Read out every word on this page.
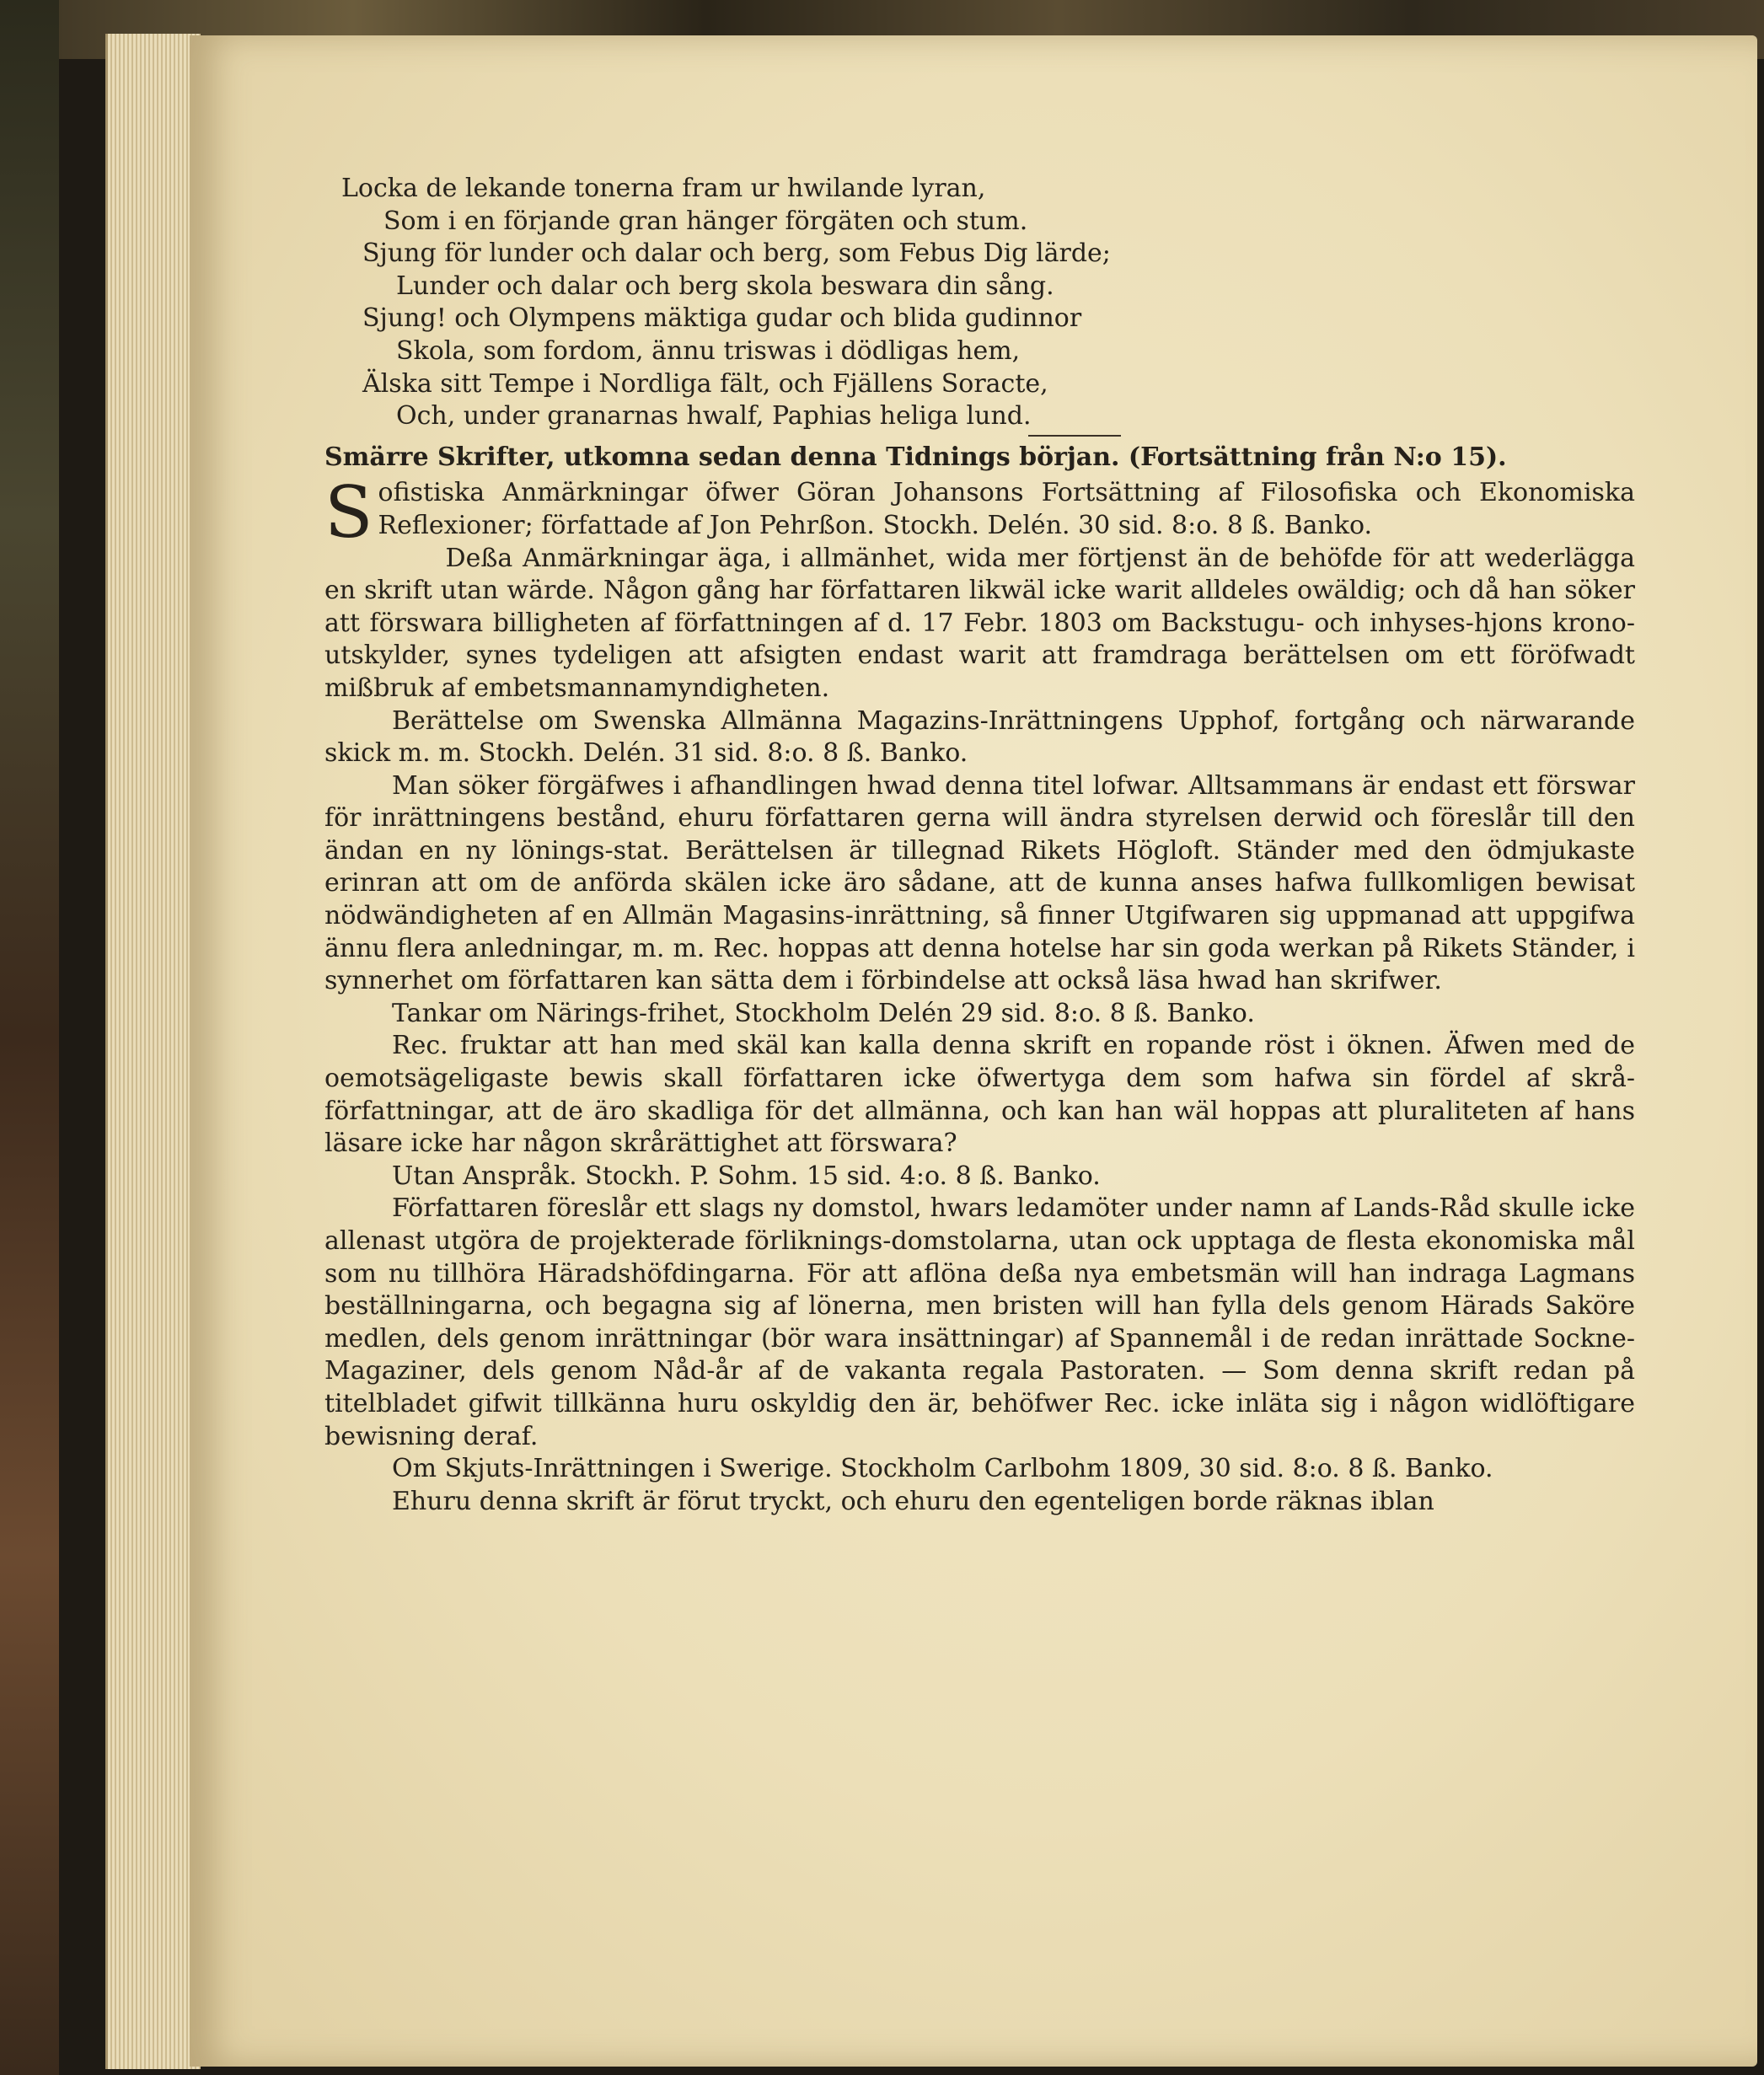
Locka de lekande tonerna fram ur hwilande lyran,
Som i en förjande gran hänger förgäten och stum.
Sjung för lunder och dalar och berg, som Febus Dig lärde;
Lunder och dalar och berg skola beswara din sång.
Sjung! och Olympens mäktiga gudar och blida gudinnor
Skola, som fordom, ännu triswas i dödligas hem,
Älska sitt Tempe i Nordliga fält, och Fjällens Soracte,
Och, under granarnas hwalf, Paphias heliga lund.
Smärre Skrifter, utkomna sedan denna Tidnings början. (Fortsättning från N:o 15).

Sofistiska Anmärkningar öfwer Göran Johansons Fortsättning af Filosofiska och Ekonomiska Reflexioner; författade af Jon Pehrßon. Stockh. Delén. 30 sid. 8:o. 8 ß. Banko.

Deßa Anmärkningar äga, i allmänhet, wida mer förtjenst än de behöfde för att wederlägga en skrift utan wärde. Någon gång har författaren likwäl icke warit alldeles owäldig; och då han söker att förswara billigheten af författningen af d. 17 Febr. 1803 om Backstugu- och inhyses-hjons krono-utskylder, synes tydeligen att afsigten endast warit att framdraga berättelsen om ett föröfwadt mißbruk af embetsmannamyndigheten.

Berättelse om Swenska Allmänna Magazins-Inrättningens Upphof, fortgång och närwarande skick m. m. Stockh. Delén. 31 sid. 8:o. 8 ß. Banko.

Man söker förgäfwes i afhandlingen hwad denna titel lofwar. Alltsammans är endast ett förswar för inrättningens bestånd, ehuru författaren gerna will ändra styrelsen derwid och föreslår till den ändan en ny lönings-stat. Berättelsen är tillegnad Rikets Högloft. Ständer med den ödmjukaste erinran att om de anförda skälen icke äro sådane, att de kunna anses hafwa fullkomligen bewisat nödwändigheten af en Allmän Magasins-inrättning, så finner Utgifwaren sig uppmanad att uppgifwa ännu flera anledningar, m. m. Rec. hoppas att denna hotelse har sin goda werkan på Rikets Ständer, i synnerhet om författaren kan sätta dem i förbindelse att också läsa hwad han skrifwer.

Tankar om Närings-frihet, Stockholm Delén 29 sid. 8:o. 8 ß. Banko.

Rec. fruktar att han med skäl kan kalla denna skrift en ropande röst i öknen. Äfwen med de oemotsägeligaste bewis skall författaren icke öfwertyga dem som hafwa sin fördel af skrå-författningar, att de äro skadliga för det allmänna, och kan han wäl hoppas att pluraliteten af hans läsare icke har någon skrårättighet att förswara?

Utan Anspråk. Stockh. P. Sohm. 15 sid. 4:o. 8 ß. Banko.

Författaren föreslår ett slags ny domstol, hwars ledamöter under namn af Lands-Råd skulle icke allenast utgöra de projekterade förliknings-domstolarna, utan ock upptaga de flesta ekonomiska mål som nu tillhöra Häradshöfdingarna. För att aflöna deßa nya embetsmän will han indraga Lagmans beställningarna, och begagna sig af lönerna, men bristen will han fylla dels genom Härads Saköre medlen, dels genom inrättningar (bör wara insättningar) af Spannemål i de redan inrättade Sockne-Magaziner, dels genom Nåd-år af de vakanta regala Pastoraten. — Som denna skrift redan på titelbladet gifwit tillkänna huru oskyldig den är, behöfwer Rec. icke inläta sig i någon widlöftigare bewisning deraf.

Om Skjuts-Inrättningen i Swerige. Stockholm Carlbohm 1809, 30 sid. 8:o. 8 ß. Banko.

Ehuru denna skrift är förut tryckt, och ehuru den egenteligen borde räknas iblan
